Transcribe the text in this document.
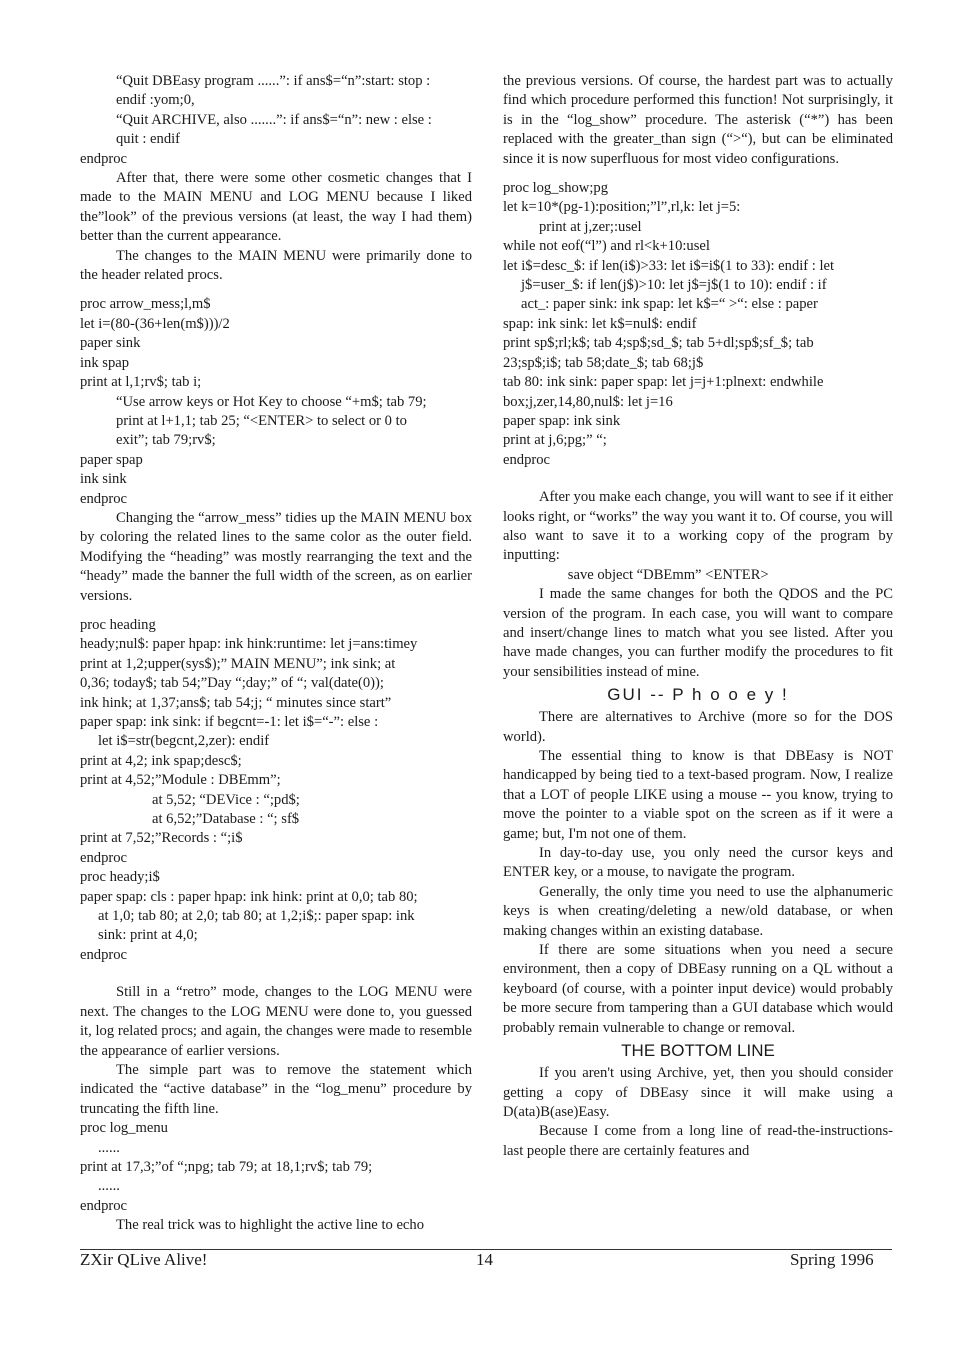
“Quit DBEasy program ......”: if ans$=“n”:start: stop :
endif :yom;0,
“Quit ARCHIVE, also .......”: if ans$=“n”: new : else :
quit : endif
endproc
After that, there were some other cosmetic changes that I made to the MAIN MENU and LOG MENU because I liked the”look” of the previous versions (at least, the way I had them) better than the current appearance.
The changes to the MAIN MENU were primarily done to the header related procs.
proc arrow_mess;l,m$
let i=(80-(36+len(m$)))/2
paper sink
ink spap
print at l,1;rv$; tab i;
“Use arrow keys or Hot Key to choose “+m$; tab 79;
print at l+1,1; tab 25; “<ENTER> to select or 0 to
exit”; tab 79;rv$;
paper spap
ink sink
endproc
Changing the “arrow_mess” tidies up the MAIN MENU box by coloring the related lines to the same color as the outer field. Modifying the “heading” was mostly rearranging the text and the “heady” made the banner the full width of the screen, as on earlier versions.
proc heading
heady;nul$: paper hpap: ink hink:runtime: let j=ans:timey
print at 1,2;upper(sys$);” MAIN MENU”; ink sink; at
0,36; today$; tab 54;”Day “;day;” of “; val(date(0));
ink hink; at 1,37;ans$; tab 54;j; “ minutes since start”
paper spap: ink sink: if begcnt=-1: let i$=“-”: else :
let i$=str(begcnt,2,zer): endif
print at 4,2; ink spap;desc$;
print at 4,52;”Module : DBEmm”;
at 5,52; “DEVice : “;pd$;
at 6,52;”Database : “; sf$
print at 7,52;”Records : “;i$
endproc
proc heady;i$
paper spap: cls : paper hpap: ink hink: print at 0,0; tab 80;
at 1,0; tab 80; at 2,0; tab 80; at 1,2;i$;: paper spap: ink
sink: print at 4,0;
endproc
Still in a “retro” mode, changes to the LOG MENU were next. The changes to the LOG MENU were done to, you guessed it, log related procs; and again, the changes were made to resemble the appearance of earlier versions.
The simple part was to remove the statement which indicated the “active database” in the “log_menu” procedure by truncating the fifth line.
proc log_menu
......
print at 17,3;”of “;npg; tab 79; at 18,1;rv$; tab 79;
......
endproc
The real trick was to highlight the active line to echo
the previous versions. Of course, the hardest part was to actually find which procedure performed this function! Not surprisingly, it is in the “log_show” procedure. The asterisk (“*”) has been replaced with the greater_than sign (“>“), but can be eliminated since it is now superfluous for most video configurations.
proc log_show;pg
let k=10*(pg-1):position;”l”,rl,k: let j=5:
print at j,zer;:usel
while not eof(“l”) and rl<k+10:usel
let i$=desc_$: if len(i$)>33: let i$=i$(1 to 33): endif : let
j$=user_$: if len(j$)>10: let j$=j$(1 to 10): endif : if
act_: paper sink: ink spap: let k$=“ >“: else : paper
spap: ink sink: let k$=nul$: endif
print sp$;rl;k$; tab 4;sp$;sd_$; tab 5+dl;sp$;sf_$; tab
23;sp$;i$; tab 58;date_$; tab 68;j$
tab 80: ink sink: paper spap: let j=j+1:plnext: endwhile
box;j,zer,14,80,nul$: let j=16
paper spap: ink sink
print at j,6;pg;” “;
endproc
After you make each change, you will want to see if it either looks right, or “works” the way you want it to. Of course, you will also want to save it to a working copy of the program by inputting:
save object “DBEmm” <ENTER>
I made the same changes for both the QDOS and the PC version of the program. In each case, you will want to compare and insert/change lines to match what you see listed. After you have made changes, you can further modify the procedures to fit your sensibilities instead of mine.
GUI -- P h o o e y !
There are alternatives to Archive (more so for the DOS world).
The essential thing to know is that DBEasy is NOT handicapped by being tied to a text-based program. Now, I realize that a LOT of people LIKE using a mouse -- you know, trying to move the pointer to a viable spot on the screen as if it were a game; but, I'm not one of them.
In day-to-day use, you only need the cursor keys and ENTER key, or a mouse, to navigate the program.
Generally, the only time you need to use the alphanumeric keys is when creating/deleting a new/old database, or when making changes within an existing database.
If there are some situations when you need a secure environment, then a copy of DBEasy running on a QL without a keyboard (of course, with a pointer input device) would probably be more secure from tampering than a GUI database which would probably remain vulnerable to change or removal.
THE BOTTOM LINE
If you aren't using Archive, yet, then you should consider getting a copy of DBEasy since it will make using a D(ata)B(ase)Easy.
Because I come from a long line of read-the-instructions-last people there are certainly features and
ZXir QLive Alive!	14	Spring 1996
